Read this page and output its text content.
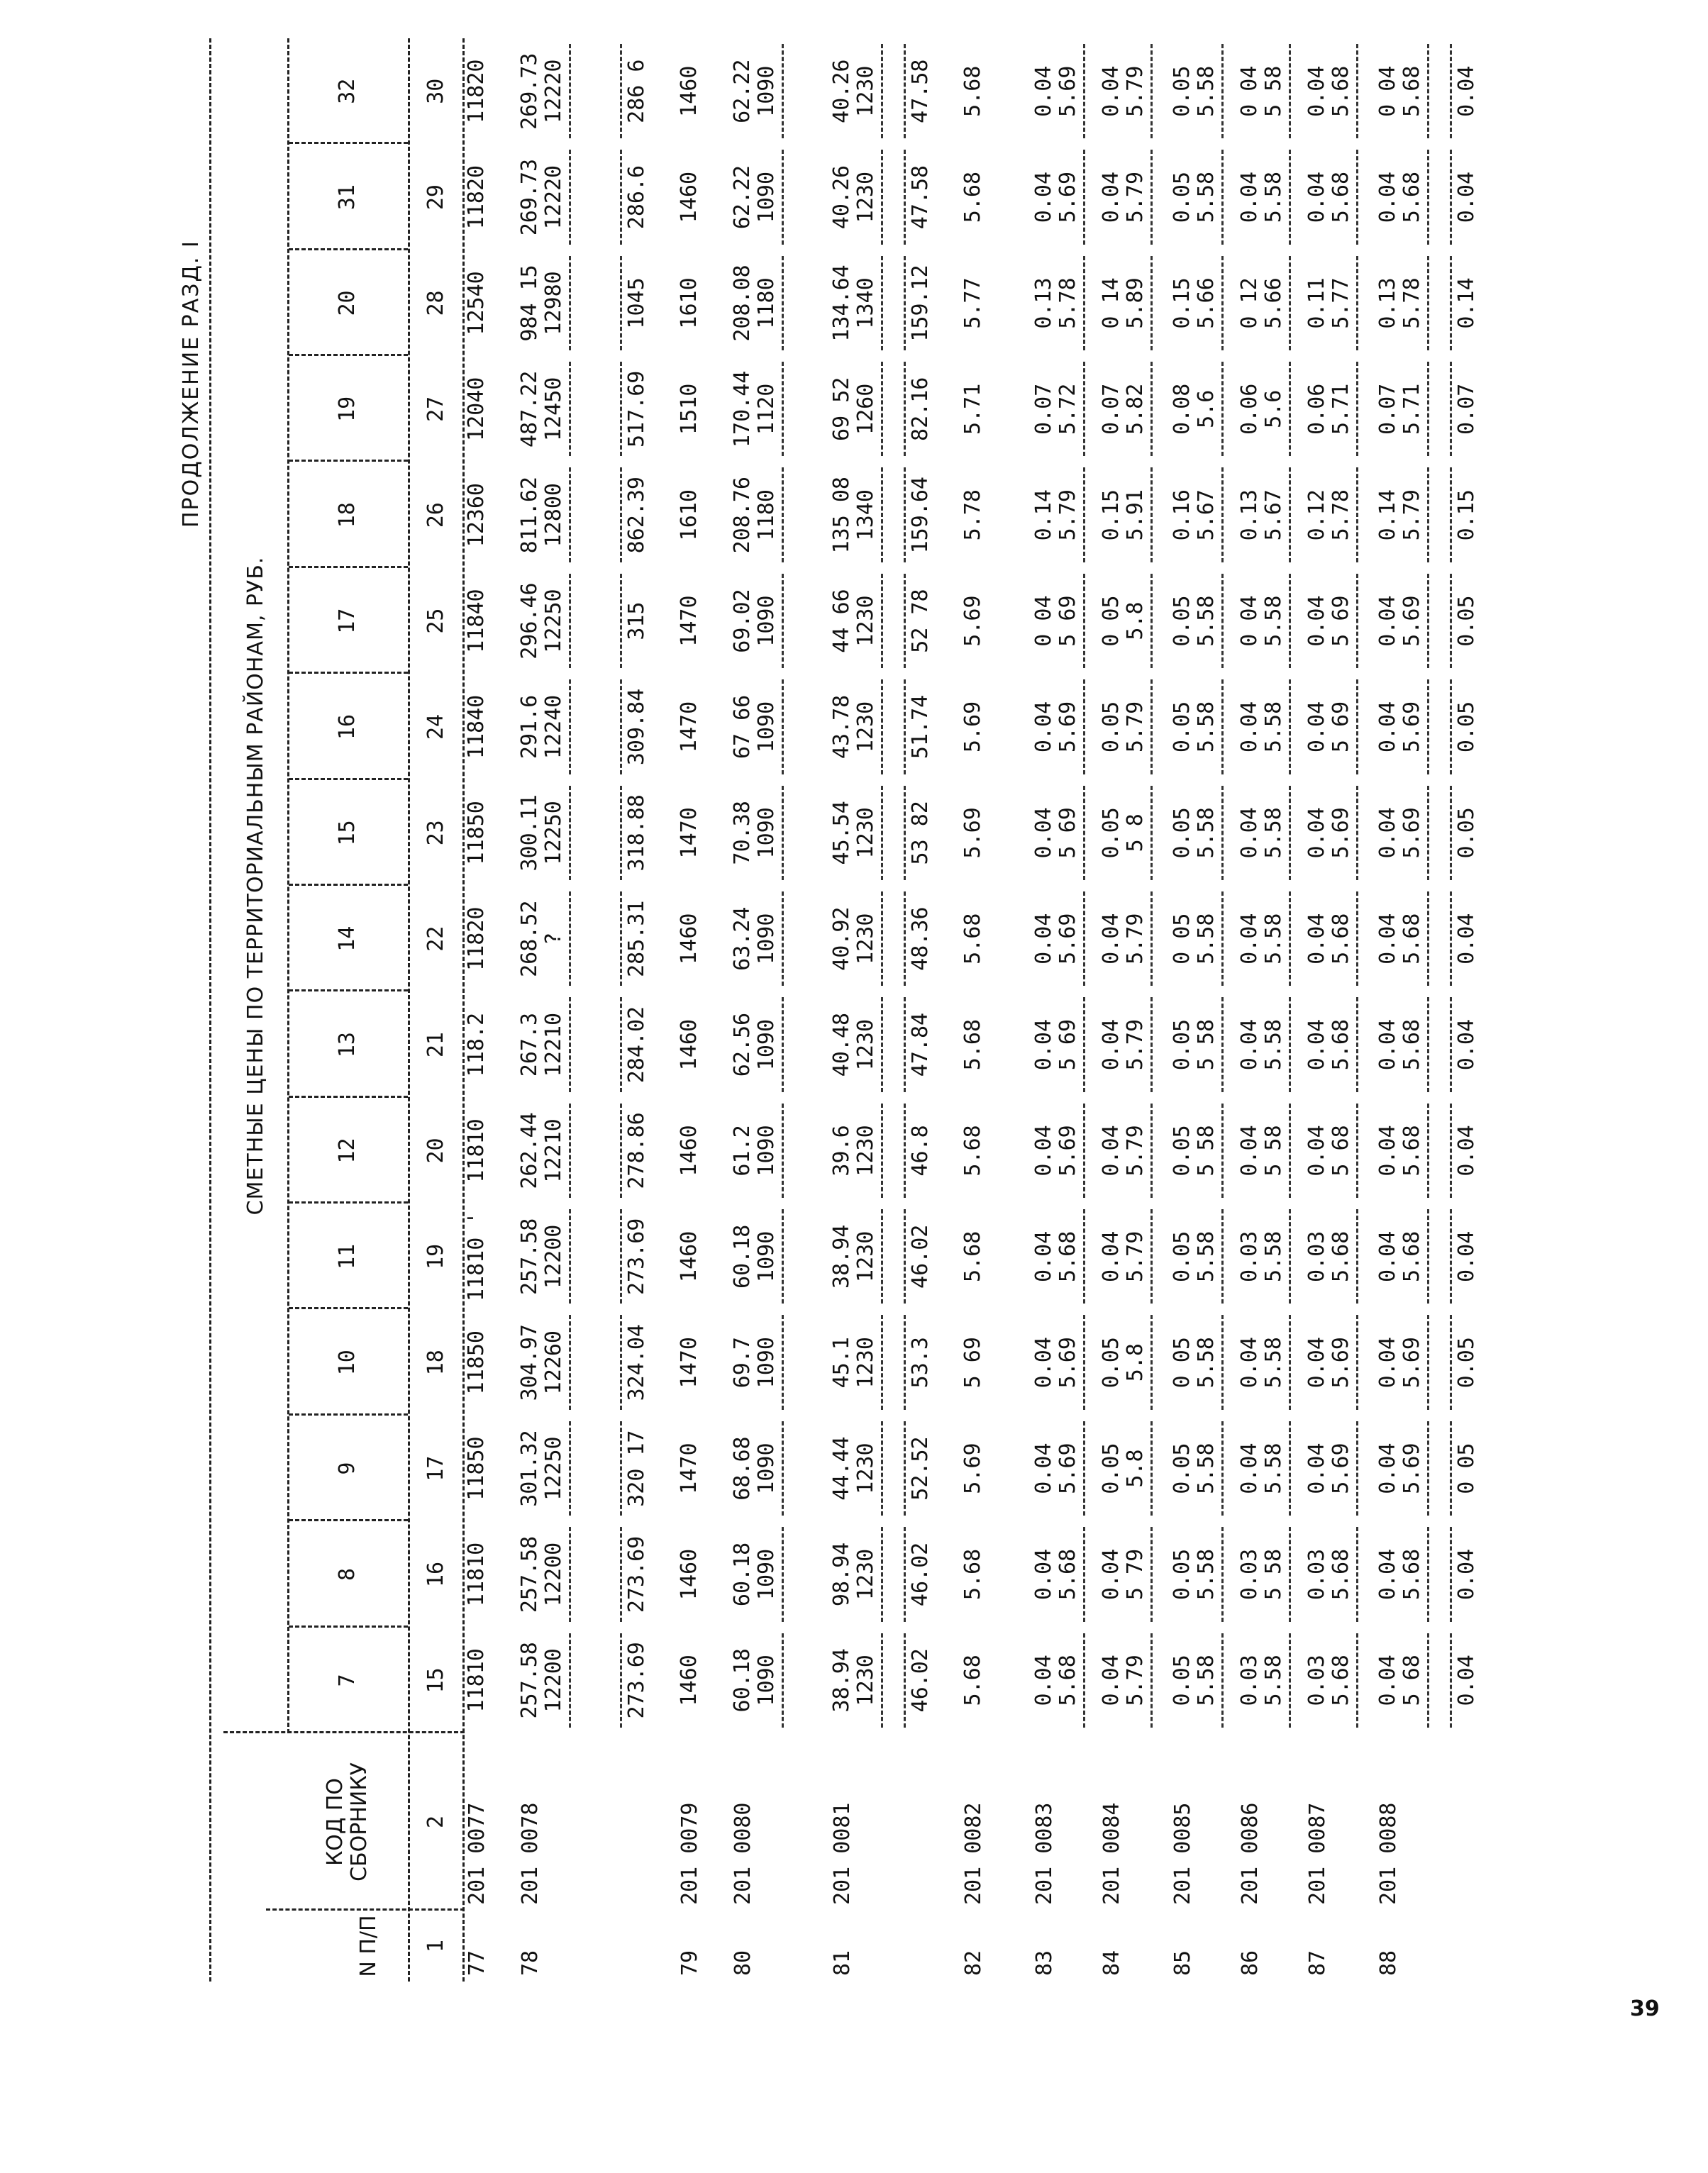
ПРОДОЛЖЕНИЕ РАЗД. I
N П/П
КОД ПО СБОРНИКУ
СМЕТНЫЕ ЦЕНЫ ПО ТЕРРИТОРИАЛЬНЫМ РАЙОНАМ, РУБ.
7
8
9
10
11
12
13
14
15
16
17
18
19
20
31
32
1
2
15
16
17
18
19
20
21
22
23
24
25
26
27
28
29
30
77
201 0077
11810
11810
11850
11850
11810 '
11810
118.2
11820
11850
11840
11840
12360
12040
12540
11820
11820
78
201 0078
257.58 12200
257.58 12200
301.32 12250
304.97 12260
257.58 12200
262.44 12210
267.3 12210
268.52 ?
300.11 12250
291.6 12240
296.46 12250
811.62 12800
487.22 12450
984 15 12980
269.73 12220
269.73 12220
273.69
273.69
320 17
324.04
273.69
278.86
284.02
285.31
318.88
309.84
315
862.39
517.69
1045
286.6
286 6
79
201 0079
1460
1460
1470
1470
1460
1460
1460
1460
1470
1470
1470
1610
1510
1610
1460
1460
80
201 0080
60.18 1090
60.18 1090
68.68 1090
69.7 1090
60.18 1090
61.2 1090
62.56 1090
63.24 1090
70.38 1090
67 66 1090
69.02 1090
208.76 1180
170.44 1120
208.08 1180
62.22 1090
62.22 1090
81
201 0081
38.94 1230
98.94 1230
44.44 1230
45.1 1230
38.94 1230
39.6 1230
40.48 1230
40.92 1230
45.54 1230
43.78 1230
44 66 1230
135 08 1340
69 52 1260
134.64 1340
40.26 1230
40.26 1230
46.02
46.02
52.52
53.3
46.02
46.8
47.84
48.36
53 82
51.74
52 78
159.64
82.16
159.12
47.58
47.58
82
201 0082
5.68
5.68
5.69
5 69
5.68
5.68
5.68
5.68
5.69
5.69
5.69
5.78
5.71
5.77
5.68
5.68
83
201 0083
0.04 5.68
0.04 5.68
0.04 5.69
0.04 5.69
0.04 5.68
0.04 5.69
0.04 5 69
0.04 5.69
0.04 5 69
0.04 5.69
0 04 5 69
0.14 5.79
0.07 5.72
0.13 5.78
0.04 5.69
0.04 5.69
84
201 0084
0.04 5.79
0.04 5 79
0.05 5.8
0.05 5.8
0.04 5.79
0.04 5.79
0.04 5.79
0.04 5.79
0.05 5 8
0.05 5.79
0 05 5.8
0.15 5.91
0.07 5.82
0 14 5.89
0.04 5.79
0.04 5.79
85
201 0085
0.05 5.58
0.05 5.58
0.05 5.58
0 05 5.58
0.05 5.58
0.05 5 58
0.05 5 58
0 05 5.58
0.05 5.58
0.05 5.58
0.05 5.58
0.16 5.67
0.08 5.6
0.15 5.66
0.05 5.58
0.05 5.58
86
201 0086
0.03 5.58
0.03 5 58
0.04 5.58
0.04 5.58
0.03 5.58
0.04 5 58
0.04 5.58
0.04 5.58
0.04 5.58
0.04 5.58
0 04 5.58
0.13 5.67
0.06 5.6
0 12 5.66
0.04 5.58
0 04 5 58
87
201 0087
0.03 5.68
0.03 5.68
0.04 5.69
0.04 5.69
0.03 5.68
0.04 5 68
0.04 5.68
0.04 5.68
0.04 5.69
0.04 5 69
0.04 5 69
0.12 5.78
0.06 5.71
0.11 5.77
0.04 5.68
0.04 5.68
88
201 0088
0.04 5 68
0.04 5.68
0.04 5.69
0.04 5.69
0.04 5.68
0.04 5.68
0.04 5.68
0.04 5.68
0.04 5.69
0.04 5.69
0.04 5.69
0.14 5.79
0.07 5.71
0.13 5.78
0.04 5.68
0 04 5.68
0.04
0.04
0 05
0.05
0.04
0.04
0.04
0.04
0.05
0.05
0.05
0.15
0.07
0.14
0.04
0.04
39
